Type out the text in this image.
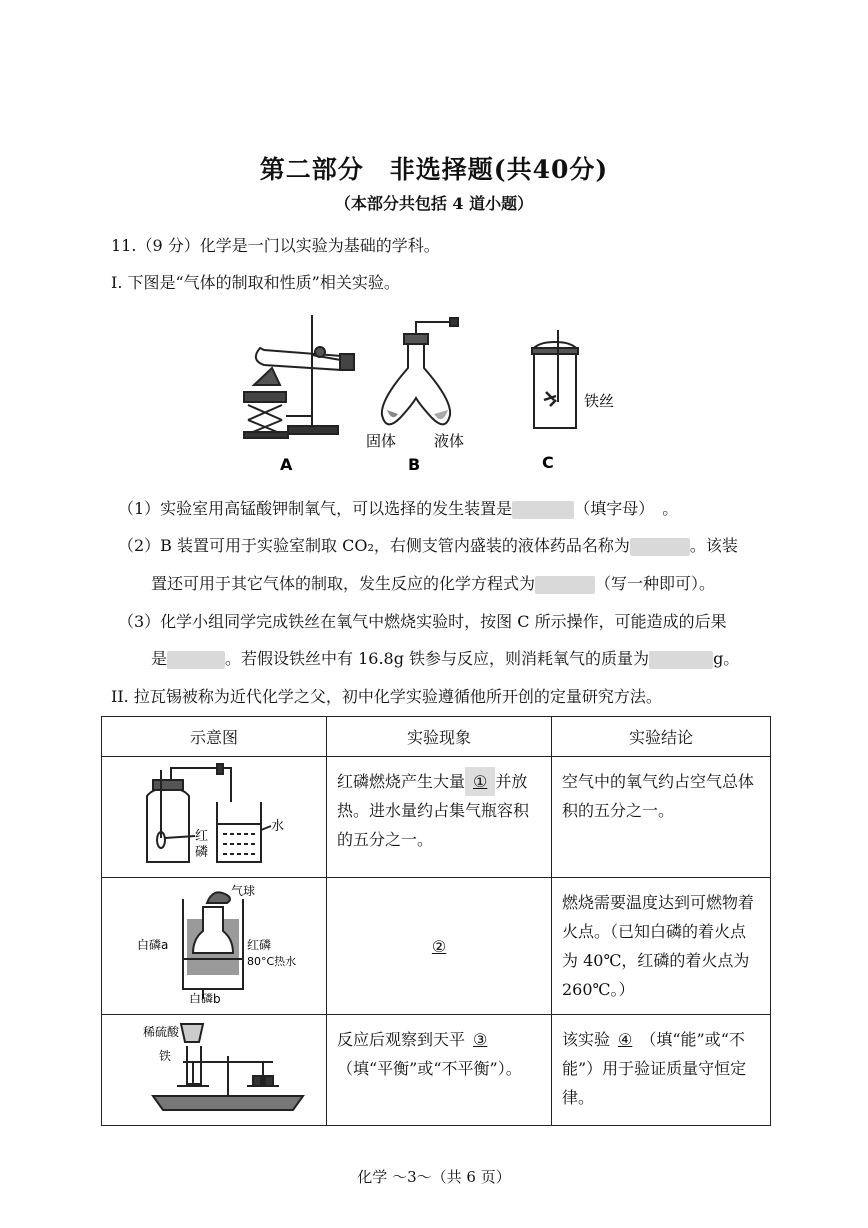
第二部分　非选择题(共40分)
（本部分共包括 4 道小题）
11.（9 分）化学是一门以实验为基础的学科。
I. 下图是“气体的制取和性质”相关实验。
固体	液体
铁丝
A	B	C
（1）实验室用高锰酸钾制氧气，可以选择的发生装置是	（填字母）　。
（2）B 装置可用于实验室制取 CO₂，右侧支管内盛装的液体药品名称为	。该装
置还可用于其它气体的制取，发生反应的化学方程式为	（写一种即可）。
（3）化学小组同学完成铁丝在氧气中燃烧实验时，按图 C 所示操作，可能造成的后果
是	。若假设铁丝中有 16.8g 铁参与反应，则消耗氧气的质量为	g。
II. 拉瓦锡被称为近代化学之父，初中化学实验遵循他所开创的定量研究方法。
示意图	实验现象	实验结论

红
磷
水	红磷燃烧产生大量 ① 并放热。进水量约占集气瓶容积的五分之一。	空气中的氧气约占空气总体积的五分之一。

气球
白磷a 红磷
80°C热水
白磷b	②	燃烧需要温度达到可燃物着火点。（已知白磷的着火点为 40℃，红磷的着火点为 260℃。）

稀硫酸
铁	反应后观察到天平 ③（填“平衡”或“不平衡”）。	该实验 ④ （填“能”或“不能”）用于验证质量守恒定律。
化学 ～3～（共 6 页）
